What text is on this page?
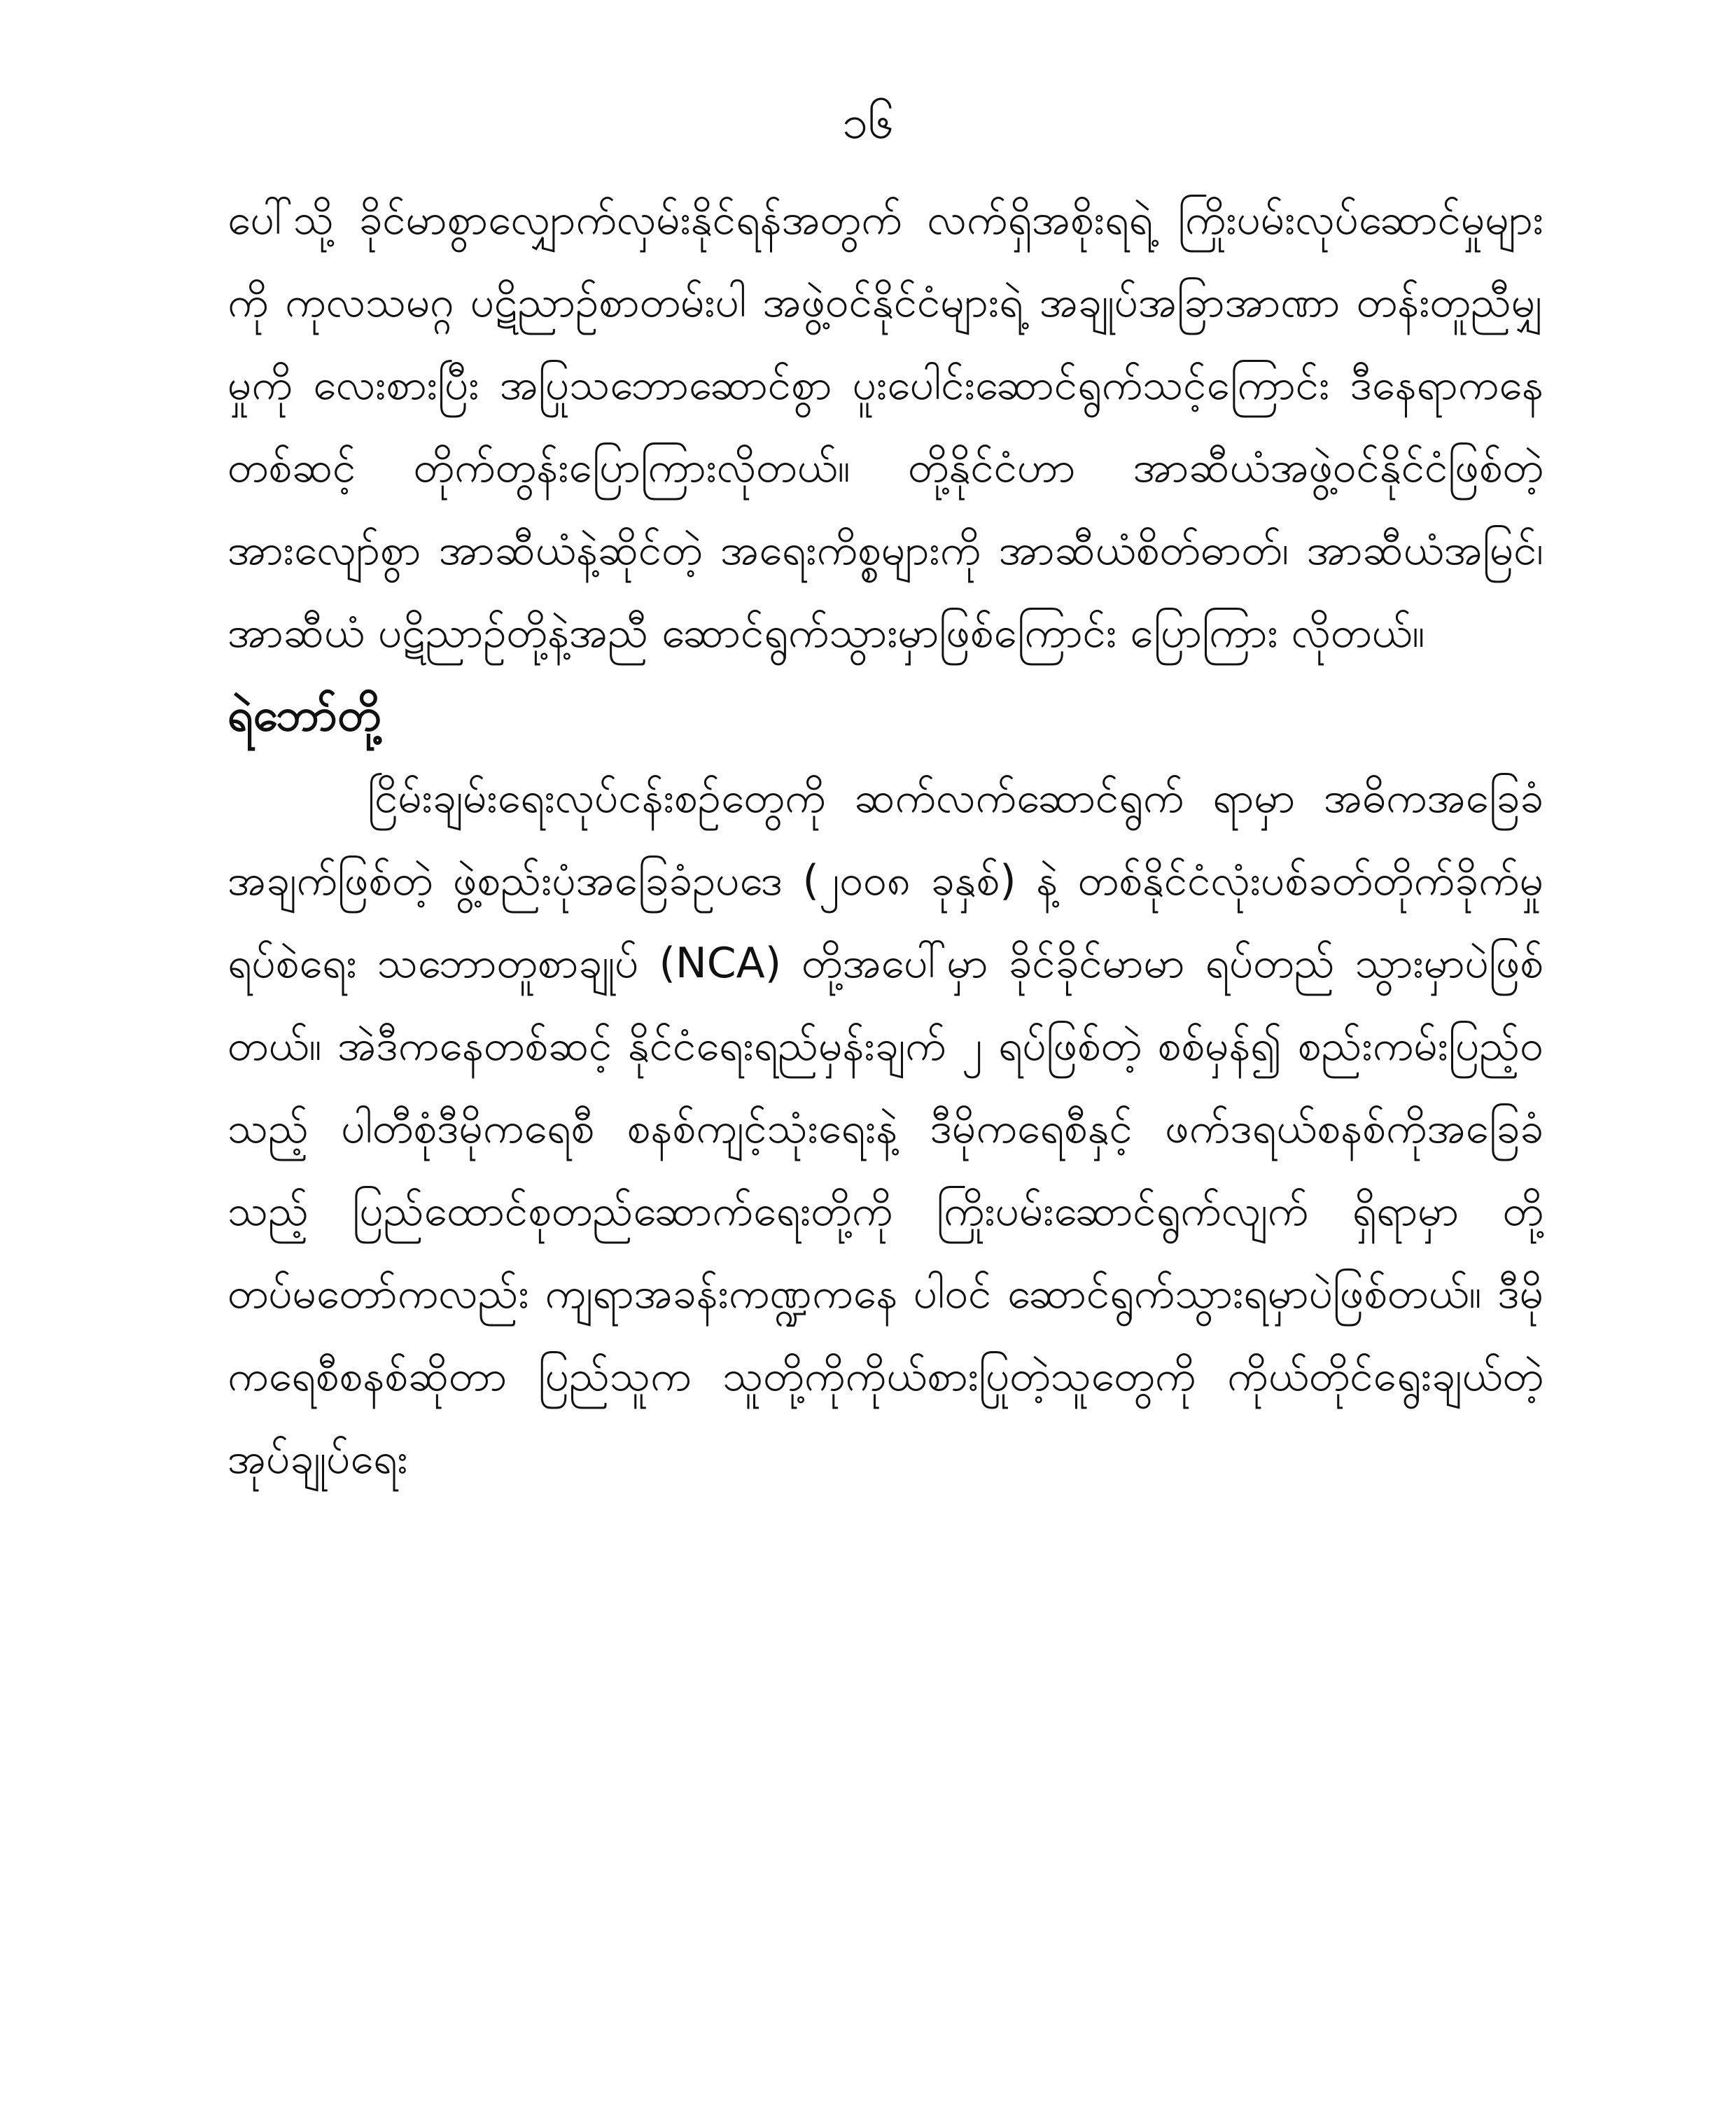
၁၆

ပေါ်သို့ ခိုင်မာစွာလျှောက်လှမ်းနိုင်ရန်အတွက် လက်ရှိအစိုးရရဲ့ ကြိုးပမ်းလုပ်ဆောင်မှုများကို ကုလသမဂ္ဂ ပဋိညာဉ်စာတမ်းပါ အဖွဲ့ဝင်နိုင်ငံများရဲ့ အချုပ်အခြာအာဏာ တန်းတူညီမျှမှုကို လေးစားပြီး အပြုသဘောဆောင်စွာ ပူးပေါင်းဆောင်ရွက်သင့်ကြောင်း ဒီနေရာကနေတစ်ဆင့် တိုက်တွန်းပြောကြားလိုတယ်။ တို့နိုင်ငံဟာ အာဆီယံအဖွဲ့ဝင်နိုင်ငံဖြစ်တဲ့ အားလျော်စွာ အာဆီယံနဲ့ဆိုင်တဲ့ အရေးကိစ္စများကို အာဆီယံစိတ်ဓာတ်၊ အာဆီယံအမြင်၊ အာဆီယံ ပဋိညာဉ်တို့နဲ့အညီ ဆောင်ရွက်သွားမှာဖြစ်ကြောင်း ပြောကြား လိုတယ်။

ရဲဘော်တို့

ငြိမ်းချမ်းရေးလုပ်ငန်းစဉ်တွေကို ဆက်လက်ဆောင်ရွက် ရာမှာ အဓိကအခြေခံအချက်ဖြစ်တဲ့ ဖွဲ့စည်းပုံအခြေခံဥပဒေ (၂၀၀၈ ခုနှစ်) နဲ့ တစ်နိုင်ငံလုံးပစ်ခတ်တိုက်ခိုက်မှုရပ်စဲရေး သဘောတူစာချုပ် (NCA) တို့အပေါ်မှာ ခိုင်ခိုင်မာမာ ရပ်တည် သွားမှာပဲဖြစ်တယ်။ အဲဒီကနေတစ်ဆင့် နိုင်ငံရေးရည်မှန်းချက် ၂ ရပ်ဖြစ်တဲ့ စစ်မှန်၍ စည်းကမ်းပြည့်ဝသည့် ပါတီစုံဒီမိုကရေစီ စနစ်ကျင့်သုံးရေးနဲ့ ဒီမိုကရေစီနှင့် ဖက်ဒရယ်စနစ်ကိုအခြေခံသည့် ပြည်ထောင်စုတည်ဆောက်ရေးတို့ကို ကြိုးပမ်းဆောင်ရွက်လျက် ရှိရာမှာ တို့တပ်မတော်ကလည်း ကျရာအခန်းကဏ္ဍကနေ ပါဝင် ဆောင်ရွက်သွားရမှာပဲဖြစ်တယ်။ ဒီမိုကရေစီစနစ်ဆိုတာ ပြည်သူက သူတို့ကိုကိုယ်စားပြုတဲ့သူတွေကို ကိုယ်တိုင်ရွေးချယ်တဲ့ အုပ်ချုပ်ရေး
